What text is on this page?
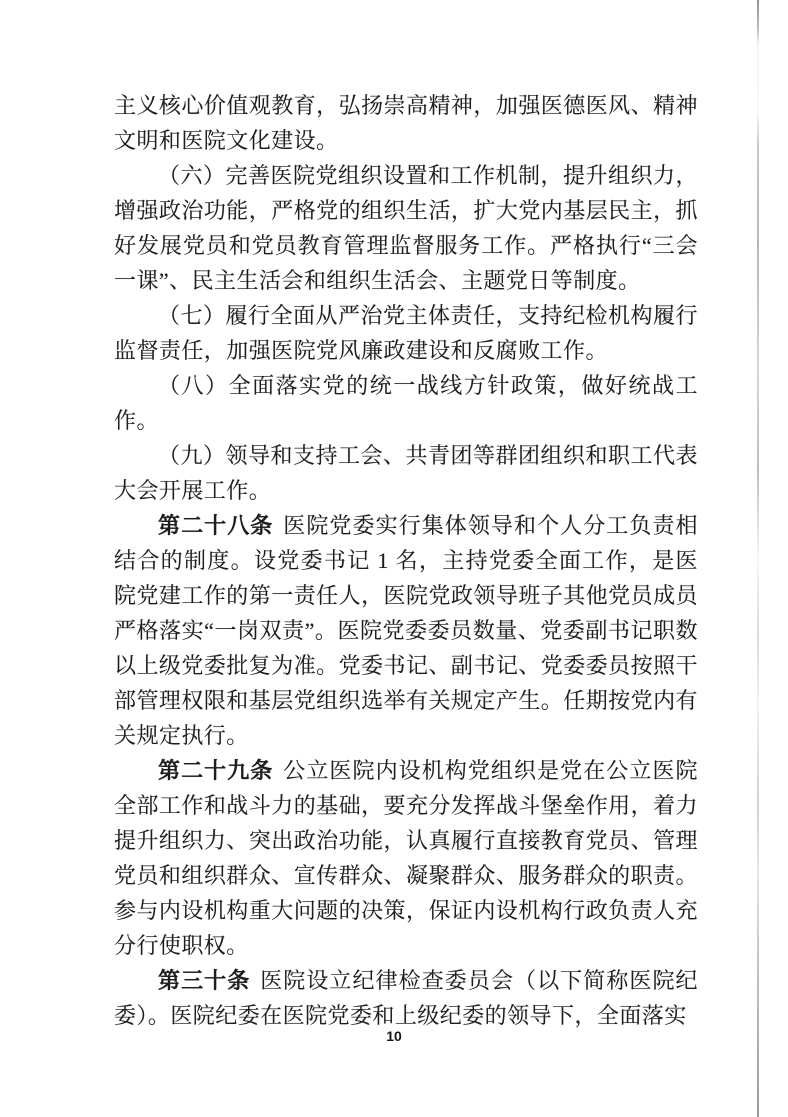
主义核心价值观教育，弘扬崇高精神，加强医德医风、精神文明和医院文化建设。

（六）完善医院党组织设置和工作机制，提升组织力，增强政治功能，严格党的组织生活，扩大党内基层民主，抓好发展党员和党员教育管理监督服务工作。严格执行“三会一课”、民主生活会和组织生活会、主题党日等制度。

（七）履行全面从严治党主体责任，支持纪检机构履行监督责任，加强医院党风廉政建设和反腐败工作。

（八）全面落实党的统一战线方针政策，做好统战工作。

（九）领导和支持工会、共青团等群团组织和职工代表大会开展工作。

第二十八条 医院党委实行集体领导和个人分工负责相结合的制度。设党委书记 1 名，主持党委全面工作，是医院党建工作的第一责任人，医院党政领导班子其他党员成员严格落实“一岗双责”。医院党委委员数量、党委副书记职数以上级党委批复为准。党委书记、副书记、党委委员按照干部管理权限和基层党组织选举有关规定产生。任期按党内有关规定执行。

第二十九条 公立医院内设机构党组织是党在公立医院全部工作和战斗力的基础，要充分发挥战斗堡垒作用，着力提升组织力、突出政治功能，认真履行直接教育党员、管理党员和组织群众、宣传群众、凝聚群众、服务群众的职责。参与内设机构重大问题的决策，保证内设机构行政负责人充分行使职权。

第三十条 医院设立纪律检查委员会（以下简称医院纪委）。医院纪委在医院党委和上级纪委的领导下，全面落实

10
